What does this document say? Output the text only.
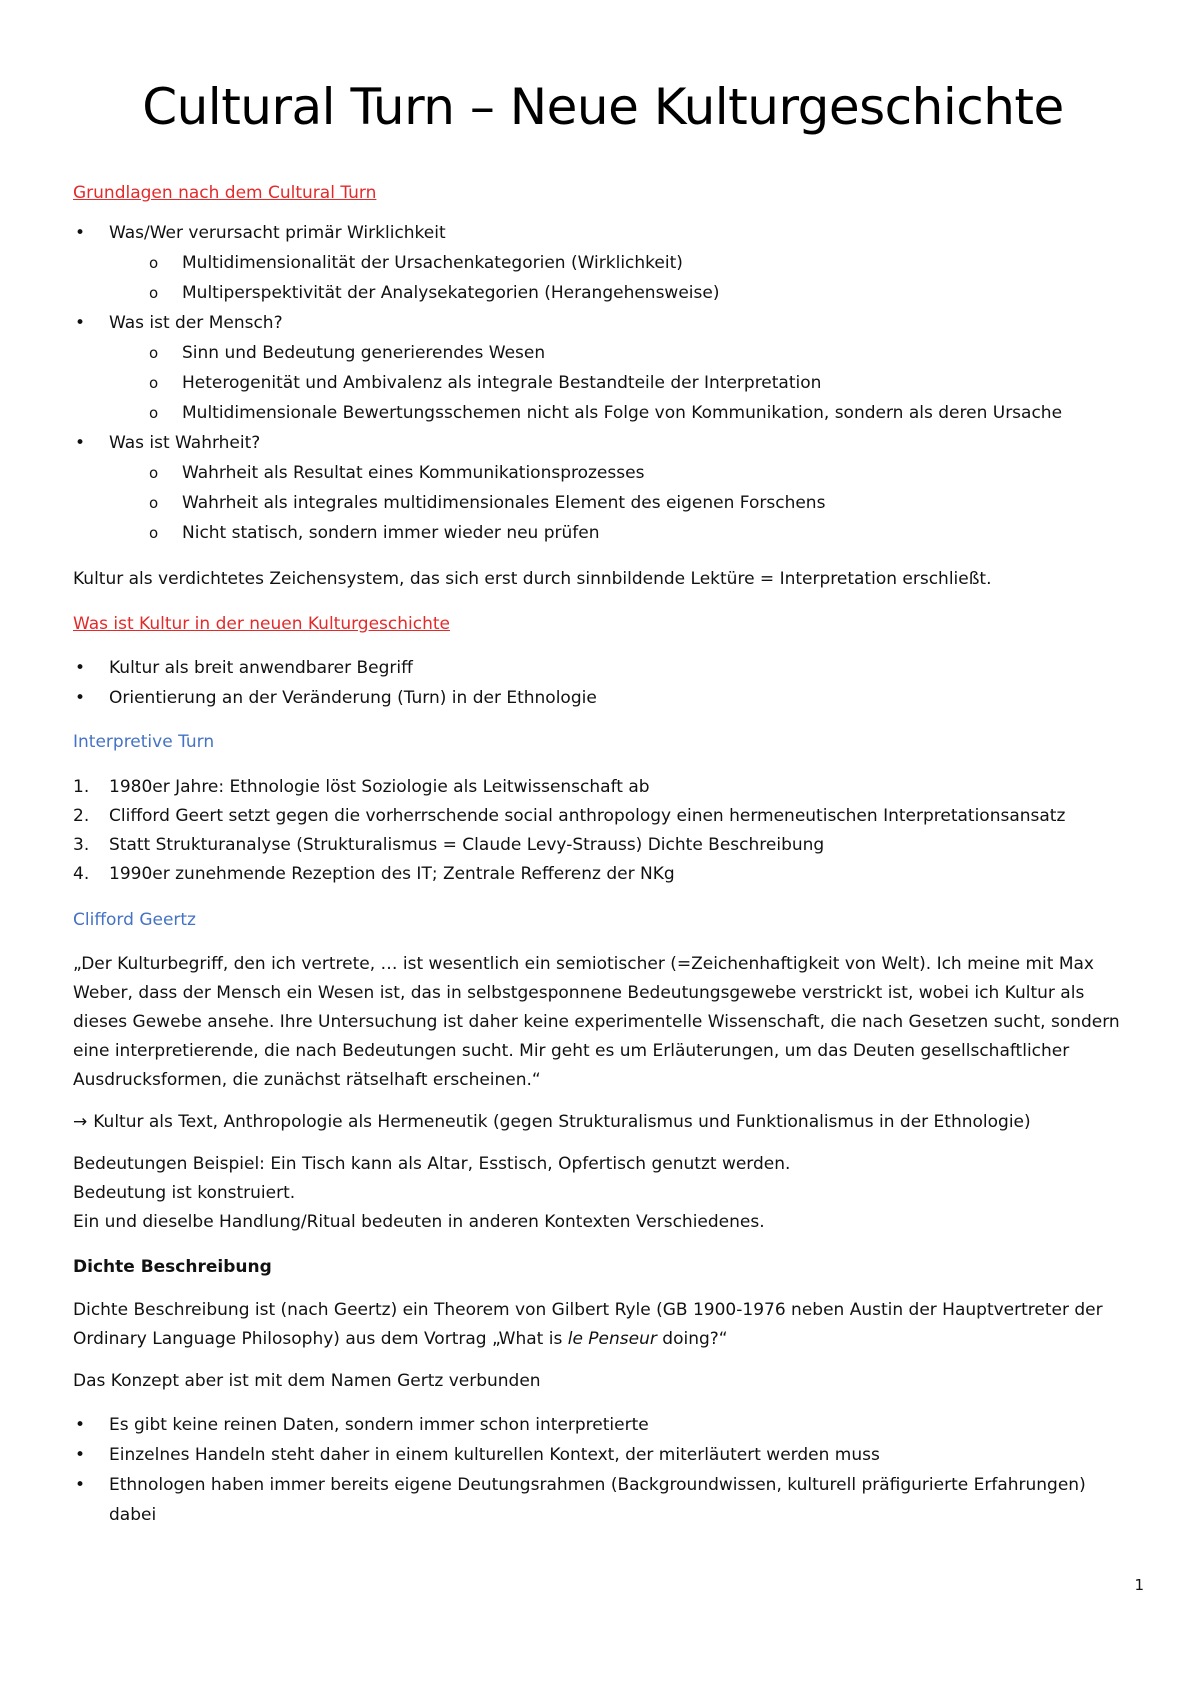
Cultural Turn – Neue Kulturgeschichte

Grundlagen nach dem Cultural Turn

Was/Wer verursacht primär Wirklichkeit
o Multidimensionalität der Ursachenkategorien (Wirklichkeit)
o Multiperspektivität der Analysekategorien (Herangehensweise)
Was ist der Mensch?
o Sinn und Bedeutung generierendes Wesen
o Heterogenität und Ambivalenz als integrale Bestandteile der Interpretation
o Multidimensionale Bewertungsschemen nicht als Folge von Kommunikation, sondern als deren Ursache
Was ist Wahrheit?
o Wahrheit als Resultat eines Kommunikationsprozesses
o Wahrheit als integrales multidimensionales Element des eigenen Forschens
o Nicht statisch, sondern immer wieder neu prüfen

Kultur als verdichtetes Zeichensystem, das sich erst durch sinnbildende Lektüre = Interpretation erschließt.

Was ist Kultur in der neuen Kulturgeschichte

Kultur als breit anwendbarer Begriff
Orientierung an der Veränderung (Turn) in der Ethnologie

Interpretive Turn

1. 1980er Jahre: Ethnologie löst Soziologie als Leitwissenschaft ab
2. Clifford Geert setzt gegen die vorherrschende social anthropology einen hermeneutischen Interpretationsansatz
3. Statt Strukturanalyse (Strukturalismus = Claude Levy-Strauss) Dichte Beschreibung
4. 1990er zunehmende Rezeption des IT; Zentrale Refferenz der NKg

Clifford Geertz

„Der Kulturbegriff, den ich vertrete, … ist wesentlich ein semiotischer (=Zeichenhaftigkeit von Welt). Ich meine mit Max Weber, dass der Mensch ein Wesen ist, das in selbstgesponnene Bedeutungsgewebe verstrickt ist, wobei ich Kultur als dieses Gewebe ansehe. Ihre Untersuchung ist daher keine experimentelle Wissenschaft, die nach Gesetzen sucht, sondern eine interpretierende, die nach Bedeutungen sucht. Mir geht es um Erläuterungen, um das Deuten gesellschaftlicher Ausdrucksformen, die zunächst rätselhaft erscheinen.“

→ Kultur als Text, Anthropologie als Hermeneutik (gegen Strukturalismus und Funktionalismus in der Ethnologie)

Bedeutungen Beispiel: Ein Tisch kann als Altar, Esstisch, Opfertisch genutzt werden.

Bedeutung ist konstruiert.

Ein und dieselbe Handlung/Ritual bedeuten in anderen Kontexten Verschiedenes.

Dichte Beschreibung

Dichte Beschreibung ist (nach Geertz) ein Theorem von Gilbert Ryle (GB 1900-1976 neben Austin der Hauptvertreter der Ordinary Language Philosophy) aus dem Vortrag „What is le Penseur doing?“

Das Konzept aber ist mit dem Namen Gertz verbunden

Es gibt keine reinen Daten, sondern immer schon interpretierte
Einzelnes Handeln steht daher in einem kulturellen Kontext, der miterläutert werden muss
Ethnologen haben immer bereits eigene Deutungsrahmen (Backgroundwissen, kulturell präfigurierte Erfahrungen) dabei
1
